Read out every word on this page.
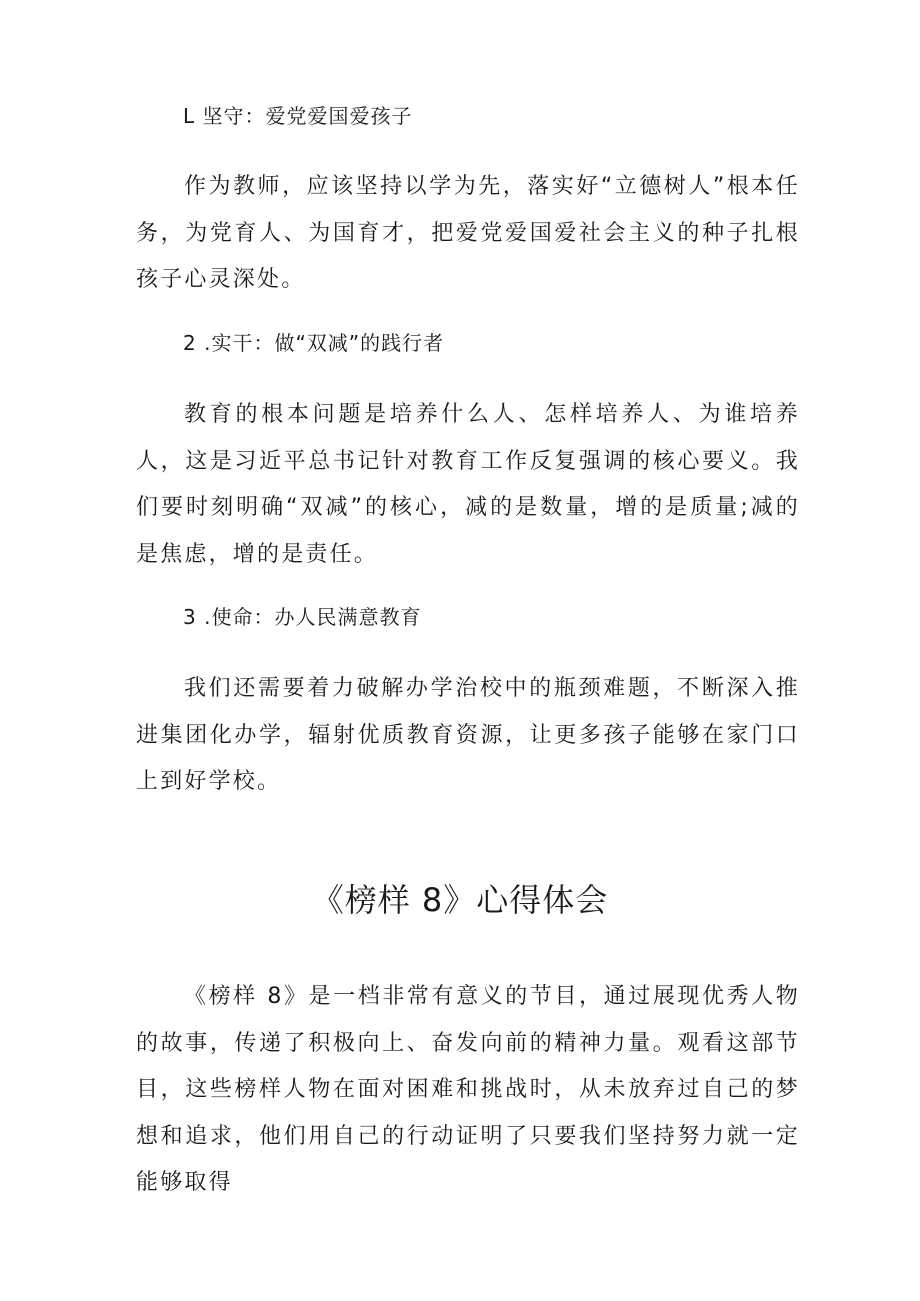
L 坚守：爱党爱国爱孩子

作为教师，应该坚持以学为先，落实好“立德树人”根本任务，为党育人、为国育才，把爱党爱国爱社会主义的种子扎根孩子心灵深处。

2 .实干：做“双减”的践行者

教育的根本问题是培养什么人、怎样培养人、为谁培养人，这是习近平总书记针对教育工作反复强调的核心要义。我们要时刻明确“双减”的核心，减的是数量，增的是质量;减的是焦虑，增的是责任。

3 .使命：办人民满意教育

我们还需要着力破解办学治校中的瓶颈难题，不断深入推进集团化办学，辐射优质教育资源，让更多孩子能够在家门口上到好学校。

《榜样 8》心得体会

《榜样 8》是一档非常有意义的节目，通过展现优秀人物的故事，传递了积极向上、奋发向前的精神力量。观看这部节目，这些榜样人物在面对困难和挑战时，从未放弃过自己的梦想和追求，他们用自己的行动证明了只要我们坚持努力就一定能够取得
